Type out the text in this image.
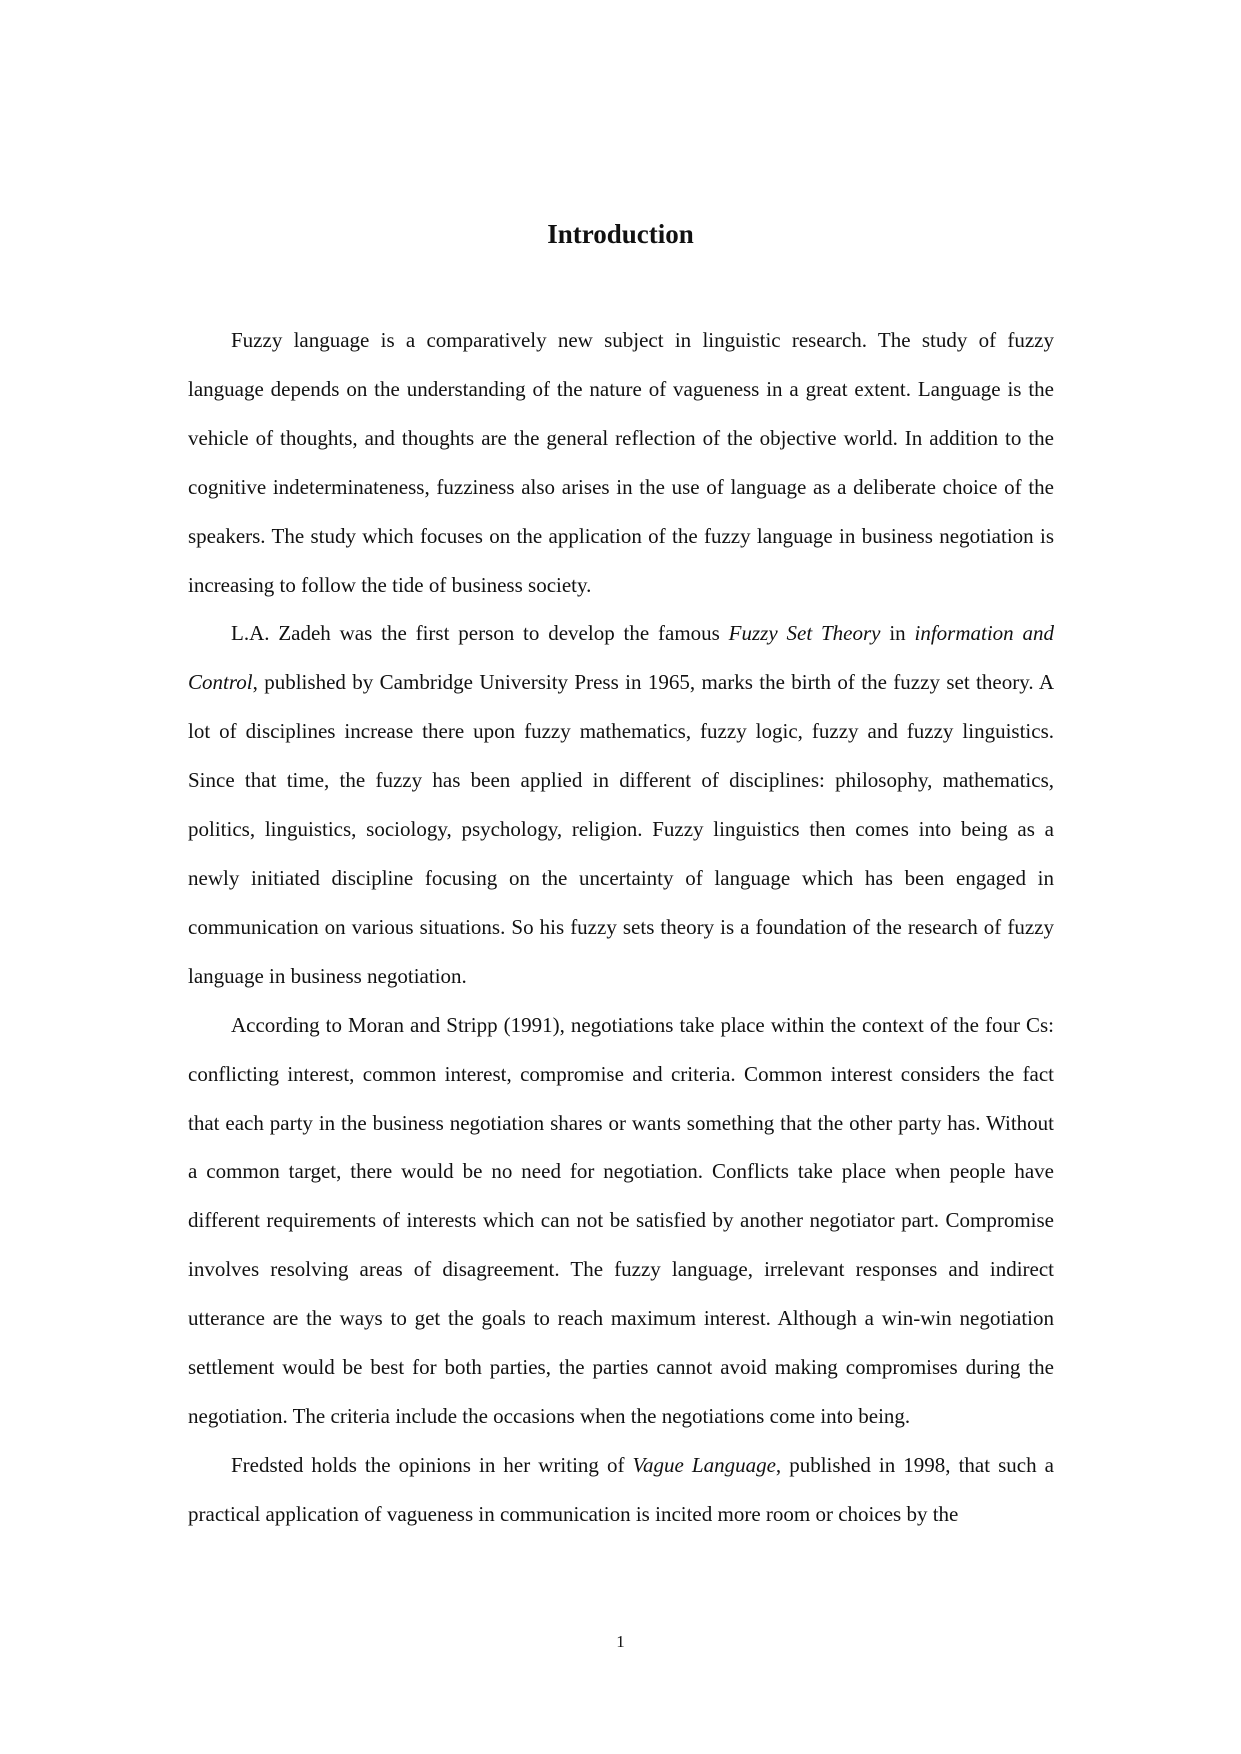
Introduction

Fuzzy language is a comparatively new subject in linguistic research. The study of fuzzy language depends on the understanding of the nature of vagueness in a great extent. Language is the vehicle of thoughts, and thoughts are the general reflection of the objective world. In addition to the cognitive indeterminateness, fuzziness also arises in the use of language as a deliberate choice of the speakers. The study which focuses on the application of the fuzzy language in business negotiation is increasing to follow the tide of business society.

L.A. Zadeh was the first person to develop the famous Fuzzy Set Theory in information and Control, published by Cambridge University Press in 1965, marks the birth of the fuzzy set theory. A lot of disciplines increase there upon fuzzy mathematics, fuzzy logic, fuzzy and fuzzy linguistics. Since that time, the fuzzy has been applied in different of disciplines: philosophy, mathematics, politics, linguistics, sociology, psychology, religion. Fuzzy linguistics then comes into being as a newly initiated discipline focusing on the uncertainty of language which has been engaged in communication on various situations. So his fuzzy sets theory is a foundation of the research of fuzzy language in business negotiation.

According to Moran and Stripp (1991), negotiations take place within the context of the four Cs: conflicting interest, common interest, compromise and criteria. Common interest considers the fact that each party in the business negotiation shares or wants something that the other party has. Without a common target, there would be no need for negotiation. Conflicts take place when people have different requirements of interests which can not be satisfied by another negotiator part. Compromise involves resolving areas of disagreement. The fuzzy language, irrelevant responses and indirect utterance are the ways to get the goals to reach maximum interest. Although a win-win negotiation settlement would be best for both parties, the parties cannot avoid making compromises during the negotiation. The criteria include the occasions when the negotiations come into being.

Fredsted holds the opinions in her writing of Vague Language, published in 1998, that such a practical application of vagueness in communication is incited more room or choices by the

1
